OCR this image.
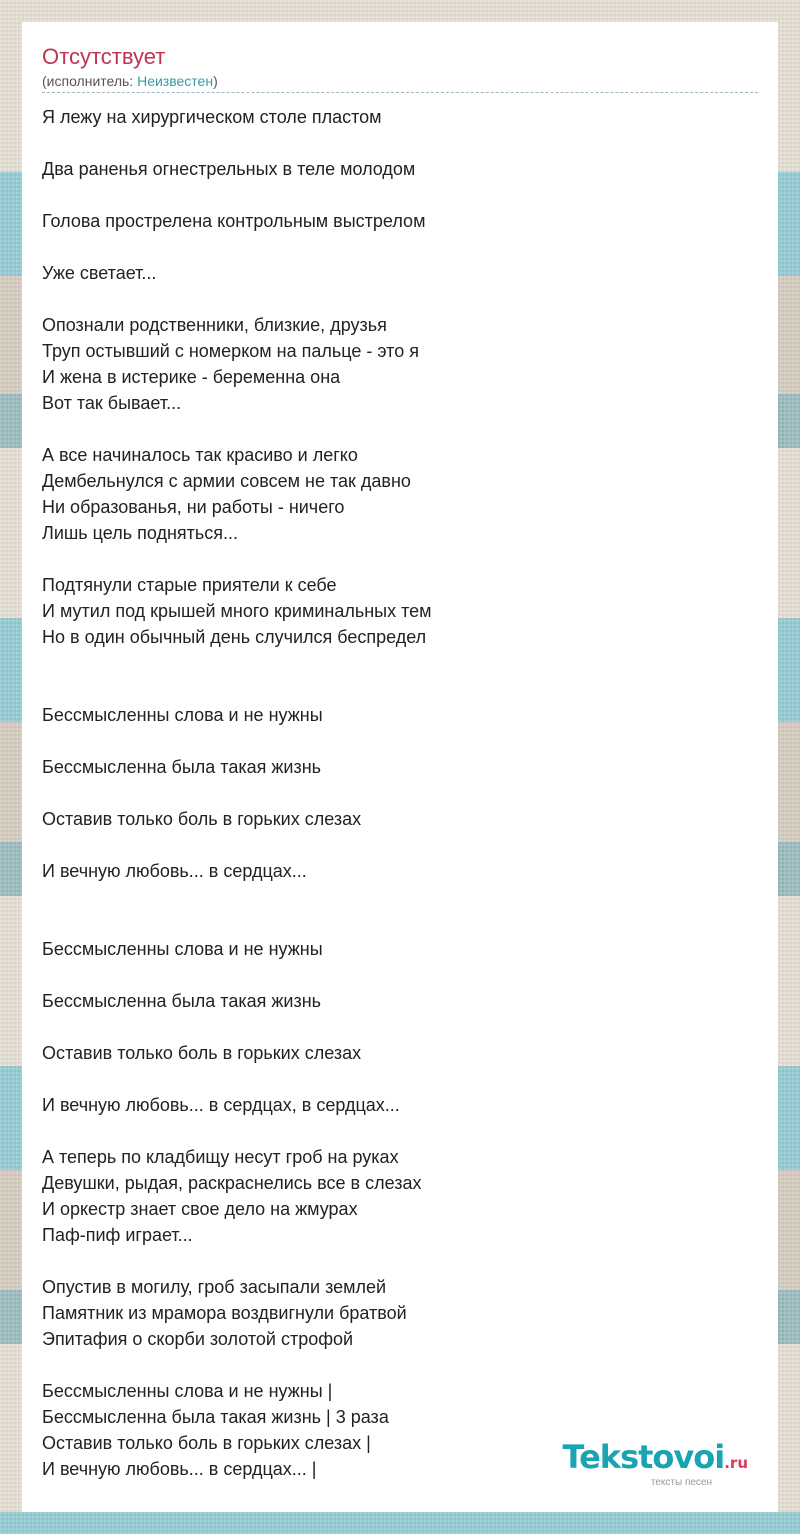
Отсутствует
(исполнитель: Неизвестен)
Я лежу на хирургическом столе пластом
Два раненья огнестрельных в теле молодом
Голова прострелена контрольным выстрелом
Уже светает...
Опознали родственники, близкие, друзья
Труп остывший с номерком на пальце - это я
И жена в истерике - беременна она
Вот так бывает...
А все начиналось так красиво и легко
Дембельнулся с армии совсем не так давно
Ни образованья, ни работы - ничего
Лишь цель подняться...
Подтянули старые приятели к себе
И мутил под крышей много криминальных тем
Но в один обычный день случился беспредел
Бессмысленны слова и не нужны
Бессмысленна была такая жизнь
Оставив только боль в горьких слезах
И вечную любовь... в сердцах...
Бессмысленны слова и не нужны
Бессмысленна была такая жизнь
Оставив только боль в горьких слезах
И вечную любовь... в сердцах, в сердцах...
А теперь по кладбищу несут гроб на руках
Девушки, рыдая, раскраснелись все в слезах
И оркестр знает свое дело на жмурах
Паф-пиф играет...
Опустив в могилу, гроб засыпали землей
Памятник из мрамора воздвигнули братвой
Эпитафия о скорби золотой строфой
Бессмысленны слова и не нужны |
Бессмысленна была такая жизнь | 3 раза
Оставив только боль в горьких слезах |
И вечную любовь... в сердцах... |	Tekstovoi.ru
тексты песен
